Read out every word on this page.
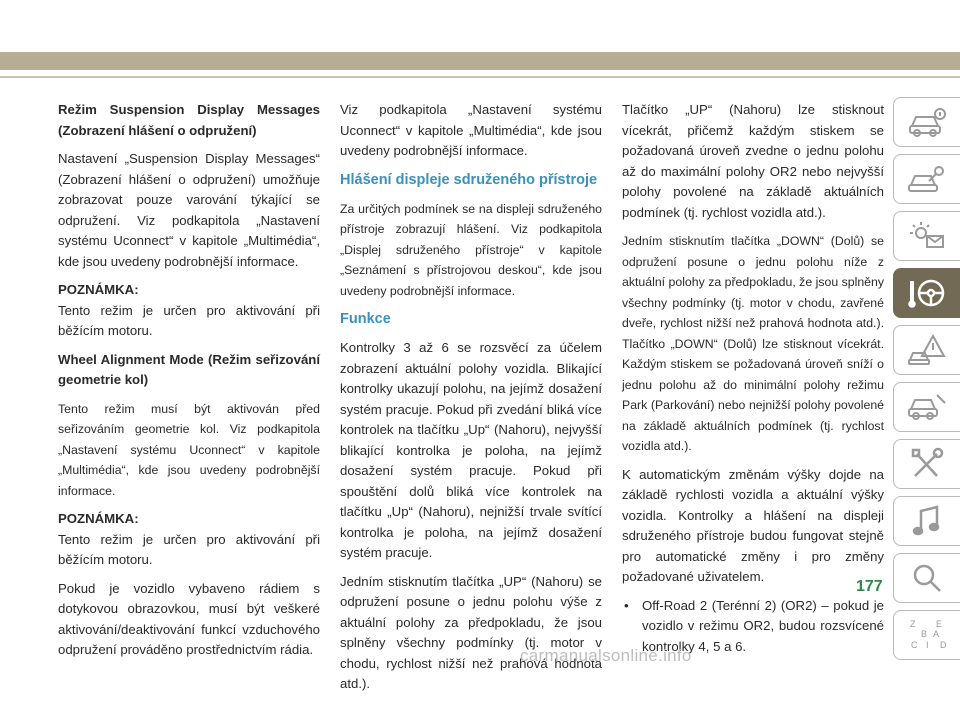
Režim Suspension Display Messages (Zobrazení hlášení o odpružení)

Nastavení „Suspension Display Messages“ (Zobrazení hlášení o odpružení) umožňuje zobrazovat pouze varování týkající se odpružení. Viz podkapitola „Nastavení systému Uconnect“ v kapitole „Multimédia“, kde jsou uvedeny podrobnější informace.

POZNÁMKA:

Tento režim je určen pro aktivování při běžícím motoru.

Wheel Alignment Mode (Režim seřizování geometrie kol)

Tento režim musí být aktivován před seřizováním geometrie kol. Viz podkapitola „Nastavení systému Uconnect“ v kapitole „Multimédia“, kde jsou uvedeny podrobnější informace.

POZNÁMKA:

Tento režim je určen pro aktivování při běžícím motoru.

Pokud je vozidlo vybaveno rádiem s dotykovou obrazovkou, musí být veškeré aktivování/deaktivování funkcí vzduchového odpružení prováděno prostřednictvím rádia.

Viz podkapitola „Nastavení systému Uconnect“ v kapitole „Multimédia“, kde jsou uvedeny podrobnější informace.

Hlášení displeje sdruženého přístroje

Za určitých podmínek se na displeji sdruženého přístroje zobrazují hlášení. Viz podkapitola „Displej sdruženého přístroje“ v kapitole „Seznámení s přístrojovou deskou“, kde jsou uvedeny podrobnější informace.

Funkce

Kontrolky 3 až 6 se rozsvěcí za účelem zobrazení aktuální polohy vozidla. Blikající kontrolky ukazují polohu, na jejímž dosažení systém pracuje. Pokud při zvedání bliká více kontrolek na tlačítku „Up“ (Nahoru), nejvyšší blikající kontrolka je poloha, na jejímž dosažení systém pracuje. Pokud při spouštění dolů bliká více kontrolek na tlačítku „Up“ (Nahoru), nejnižší trvale svítící kontrolka je poloha, na jejímž dosažení systém pracuje.

Jedním stisknutím tlačítka „UP“ (Nahoru) se odpružení posune o jednu polohu výše z aktuální polohy za předpokladu, že jsou splněny všechny podmínky (tj. motor v chodu, rychlost nižší než prahová hodnota atd.).

Tlačítko „UP“ (Nahoru) lze stisknout vícekrát, přičemž každým stiskem se požadovaná úroveň zvedne o jednu polohu až do maximální polohy OR2 nebo nejvyšší polohy povolené na základě aktuálních podmínek (tj. rychlost vozidla atd.).

Jedním stisknutím tlačítka „DOWN“ (Dolů) se odpružení posune o jednu polohu níže z aktuální polohy za předpokladu, že jsou splněny všechny podmínky (tj. motor v chodu, zavřené dveře, rychlost nižší než prahová hodnota atd.). Tlačítko „DOWN“ (Dolů) lze stisknout vícekrát. Každým stiskem se požadovaná úroveň sníží o jednu polohu až do minimální polohy režimu Park (Parkování) nebo nejnižší polohy povolené na základě aktuálních podmínek (tj. rychlost vozidla atd.).

K automatickým změnám výšky dojde na základě rychlosti vozidla a aktuální výšky vozidla. Kontrolky a hlášení na displeji sdruženého přístroje budou fungovat stejně pro automatické změny i pro změny požadované uživatelem.

• Off-Road 2 (Terénní 2) (OR2) – pokud je vozidlo v režimu OR2, budou rozsvícené kontrolky 4, 5 a 6.
Z E
B A
C	D
I
177
carmanualsonline.info
